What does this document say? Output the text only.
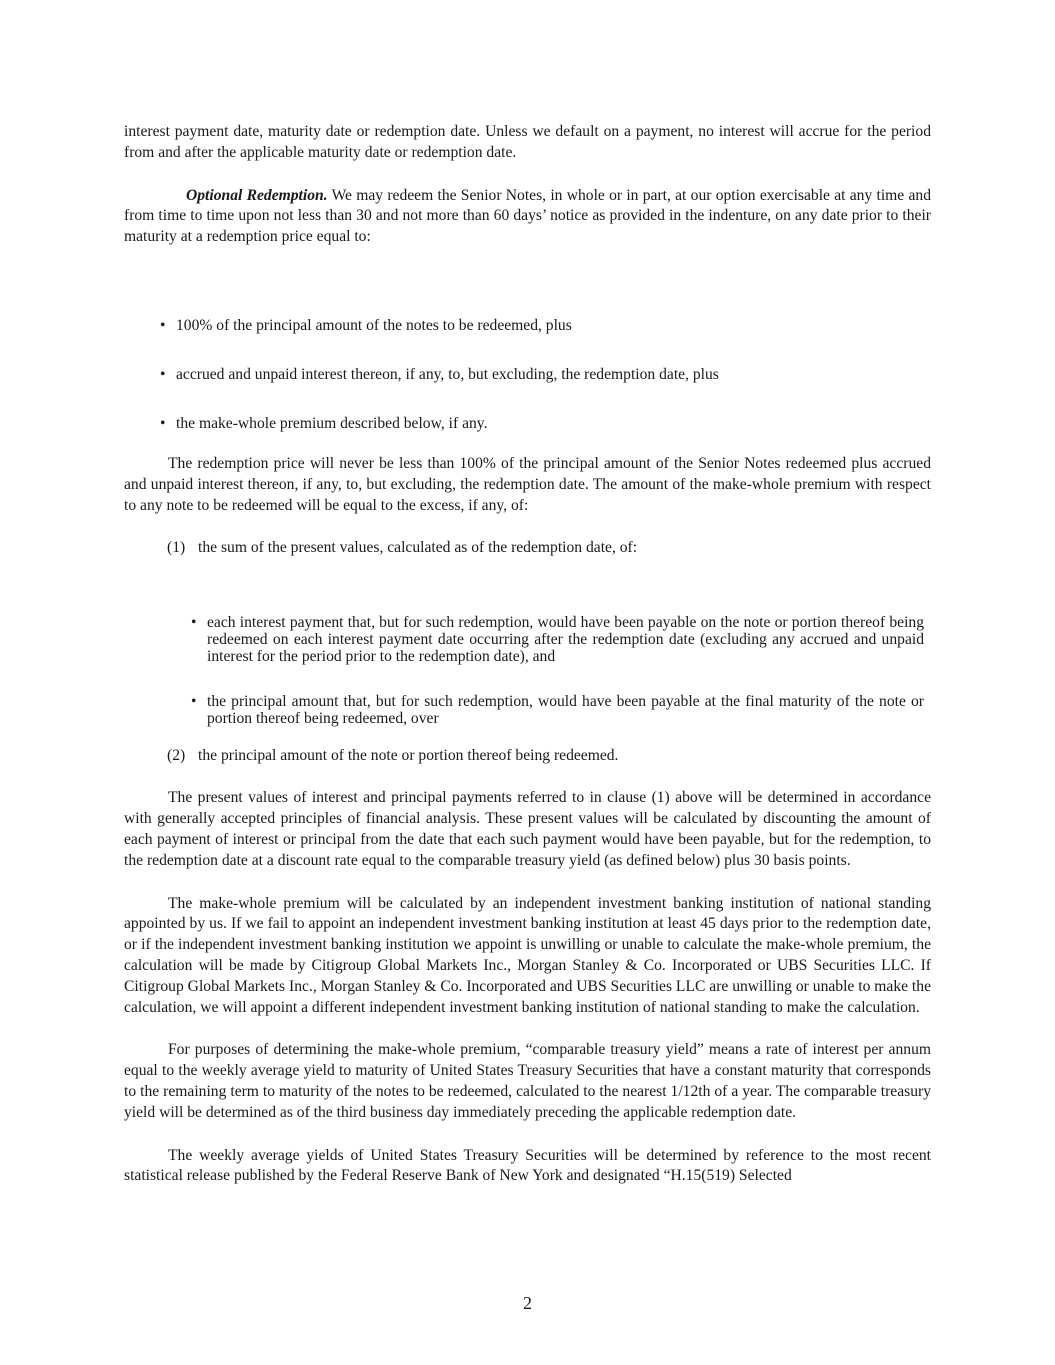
interest payment date, maturity date or redemption date. Unless we default on a payment, no interest will accrue for the period from and after the applicable maturity date or redemption date.

Optional Redemption. We may redeem the Senior Notes, in whole or in part, at our option exercisable at any time and from time to time upon not less than 30 and not more than 60 days’ notice as provided in the indenture, on any date prior to their maturity at a redemption price equal to:

• 100% of the principal amount of the notes to be redeemed, plus
• accrued and unpaid interest thereon, if any, to, but excluding, the redemption date, plus
• the make-whole premium described below, if any.

The redemption price will never be less than 100% of the principal amount of the Senior Notes redeemed plus accrued and unpaid interest thereon, if any, to, but excluding, the redemption date. The amount of the make-whole premium with respect to any note to be redeemed will be equal to the excess, if any, of:

(1) the sum of the present values, calculated as of the redemption date, of:
• each interest payment that, but for such redemption, would have been payable on the note or portion thereof being redeemed on each interest payment date occurring after the redemption date (excluding any accrued and unpaid interest for the period prior to the redemption date), and
• the principal amount that, but for such redemption, would have been payable at the final maturity of the note or portion thereof being redeemed, over
(2) the principal amount of the note or portion thereof being redeemed.

The present values of interest and principal payments referred to in clause (1) above will be determined in accordance with generally accepted principles of financial analysis. These present values will be calculated by discounting the amount of each payment of interest or principal from the date that each such payment would have been payable, but for the redemption, to the redemption date at a discount rate equal to the comparable treasury yield (as defined below) plus 30 basis points.

The make-whole premium will be calculated by an independent investment banking institution of national standing appointed by us. If we fail to appoint an independent investment banking institution at least 45 days prior to the redemption date, or if the independent investment banking institution we appoint is unwilling or unable to calculate the make-whole premium, the calculation will be made by Citigroup Global Markets Inc., Morgan Stanley & Co. Incorporated or UBS Securities LLC. If Citigroup Global Markets Inc., Morgan Stanley & Co. Incorporated and UBS Securities LLC are unwilling or unable to make the calculation, we will appoint a different independent investment banking institution of national standing to make the calculation.

For purposes of determining the make-whole premium, “comparable treasury yield” means a rate of interest per annum equal to the weekly average yield to maturity of United States Treasury Securities that have a constant maturity that corresponds to the remaining term to maturity of the notes to be redeemed, calculated to the nearest 1/12th of a year. The comparable treasury yield will be determined as of the third business day immediately preceding the applicable redemption date.

The weekly average yields of United States Treasury Securities will be determined by reference to the most recent statistical release published by the Federal Reserve Bank of New York and designated “H.15(519) Selected

2
